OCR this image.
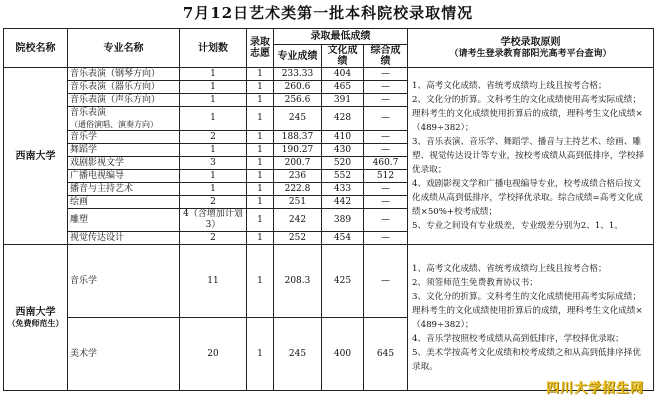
7月12日艺术类第一批本科院校录取情况
院校名称	专业名称	计划数	录取志愿	录取最低成绩			学校录取原则
（请考生登录教育部阳光高考平台查询）
				专业成绩	文化成绩	综合成绩	
西南大学	音乐表演（钢琴方向）	1	1	233.33	404	—	1、高考文化成绩、省统考成绩均上线且按考合格；
2、文化分的折算。文科考生的文化成绩使用高考实际成绩；理科考生的文化成绩使用折算后的成绩，理科考生文化成绩×（489÷382）；
3、音乐表演、音乐学、舞蹈学、播音与主持艺术、绘画、雕塑、视觉传达设计等专业，按校考成绩从高到低排序，学校择优录取；
4、戏剧影视文学和广播电视编导专业，校考成绩合格后按文化成绩从高到低排序，学校择优录取。综合成绩=高考文化成绩×50%+校考成绩；
5、专业之间设有专业级差，专业级差分别为2、1、1。

	音乐表演（器乐方向）	1	1	260.6	465	—	
	音乐表演（声乐方向）	1	1	256.6	391	—	
	音乐表演
（通俗演唱、演奏方向）	1	1	245	428	—	
	音乐学	2	1	188.37	410	—	
	舞蹈学	1	1	190.27	430	—	
	戏剧影视文学	3	1	200.7	520	460.7	
	广播电视编导	1	1	236	552	512	
	播音与主持艺术	1	1	222.8	433	—	
	绘画	2	1	251	442	—	
	雕塑	4（含增加计划3）	1	242	389	—	
	视觉传达设计	2	1	252	454	—	
西南大学
（免费师范生）	音乐学	11	1	208.3	425	—	1、高考文化成绩、省统考成绩均上线且按考合格；
2、须签师范生免费教育协议书；
3、文化分的折算。文科考生的文化成绩使用高考实际成绩；理科考生的文化成绩使用折算后的成绩，理科考生文化成绩×（489÷382）；
4、音乐学按照校考成绩从高到低排序，学校择优录取；
5、美术学按高考文化成绩和校考成绩之和从高到低排序择优录取。

	美术学	20	1	245	400	645	
四川大学招生网
